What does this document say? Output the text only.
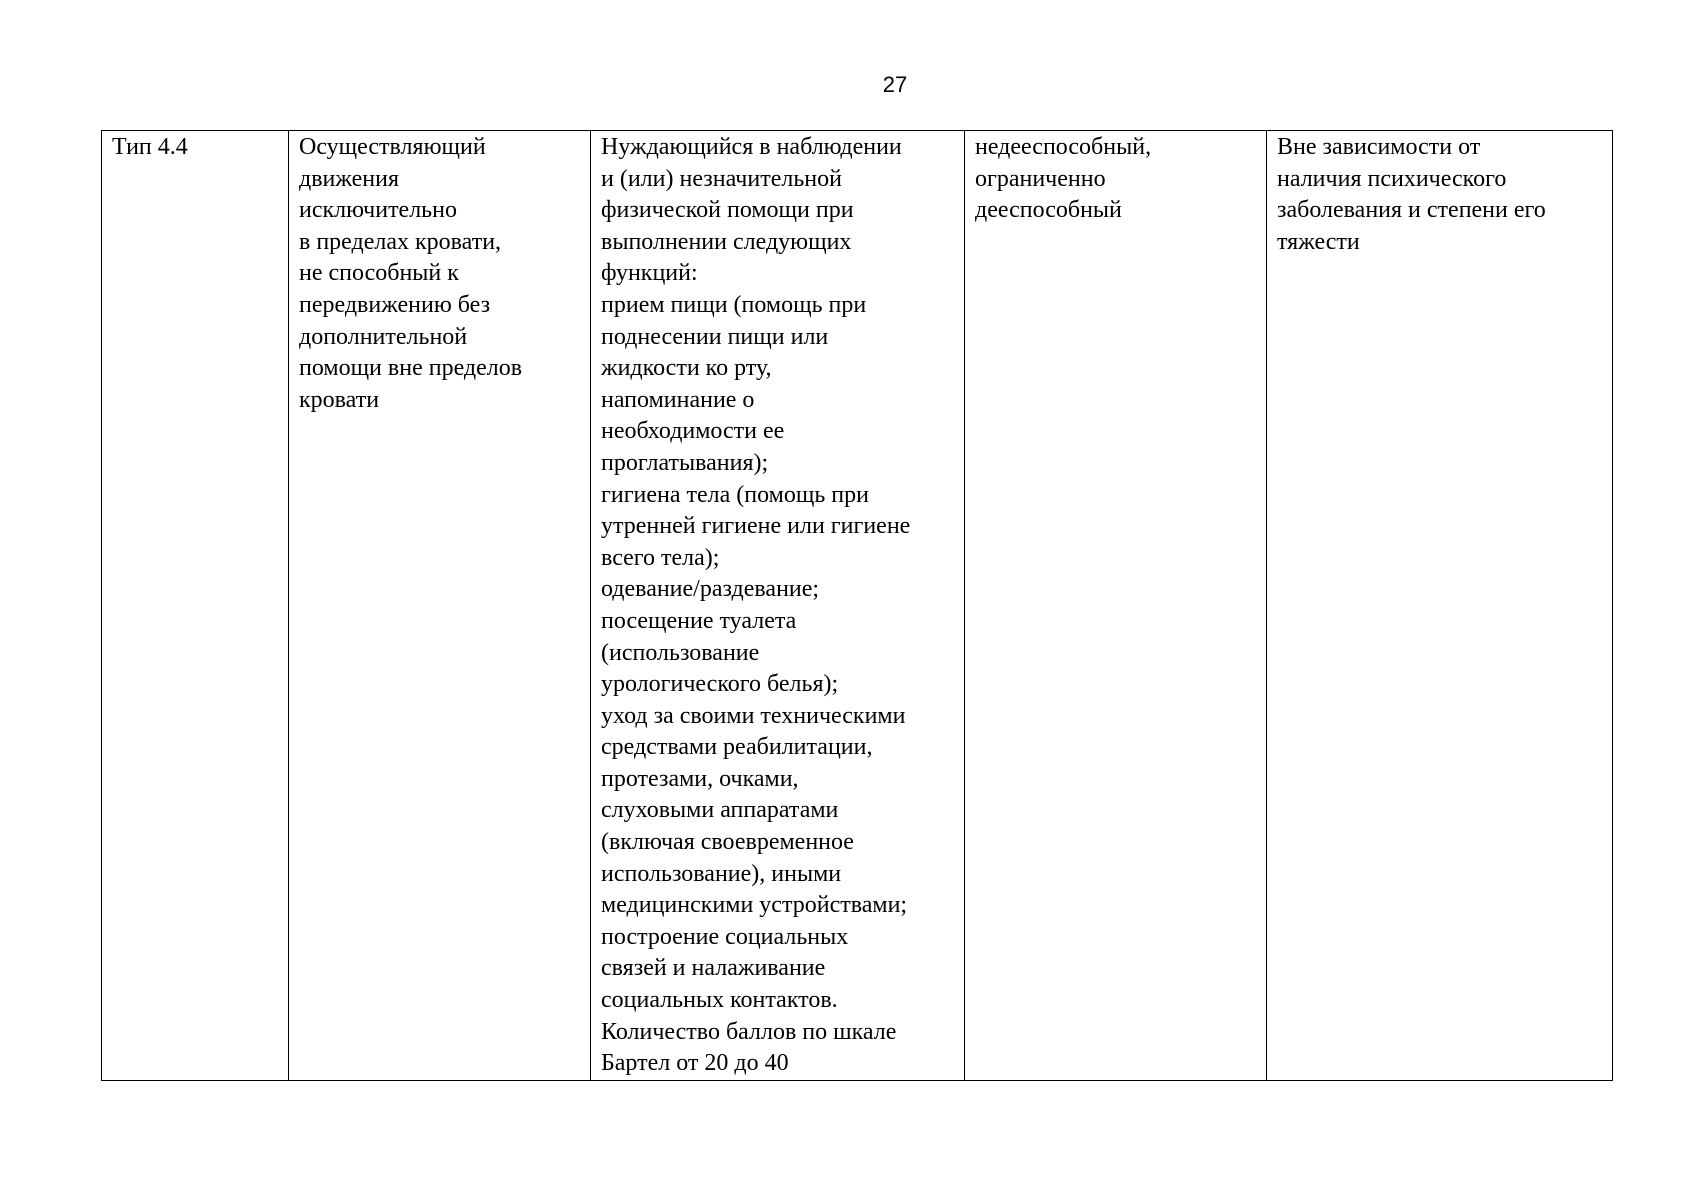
27
Тип 4.4	Осуществляющий
движения
исключительно
в пределах кровати,
не способный к
передвижению без
дополнительной
помощи вне пределов
кровати	Нуждающийся в наблюдении
и (или) незначительной
физической помощи при
выполнении следующих
функций:
прием пищи (помощь при
поднесении пищи или
жидкости ко рту,
напоминание о
необходимости ее
проглатывания);
гигиена тела (помощь при
утренней гигиене или гигиене
всего тела);
одевание/раздевание;
посещение туалета
(использование
урологического белья);
уход за своими техническими
средствами реабилитации,
протезами, очками,
слуховыми аппаратами
(включая своевременное
использование), иными
медицинскими устройствами;
построение социальных
связей и налаживание
социальных контактов.
Количество баллов по шкале
Бартел от 20 до 40	недееспособный,
ограниченно
дееспособный	Вне зависимости от
наличия психического
заболевания и степени его
тяжести
